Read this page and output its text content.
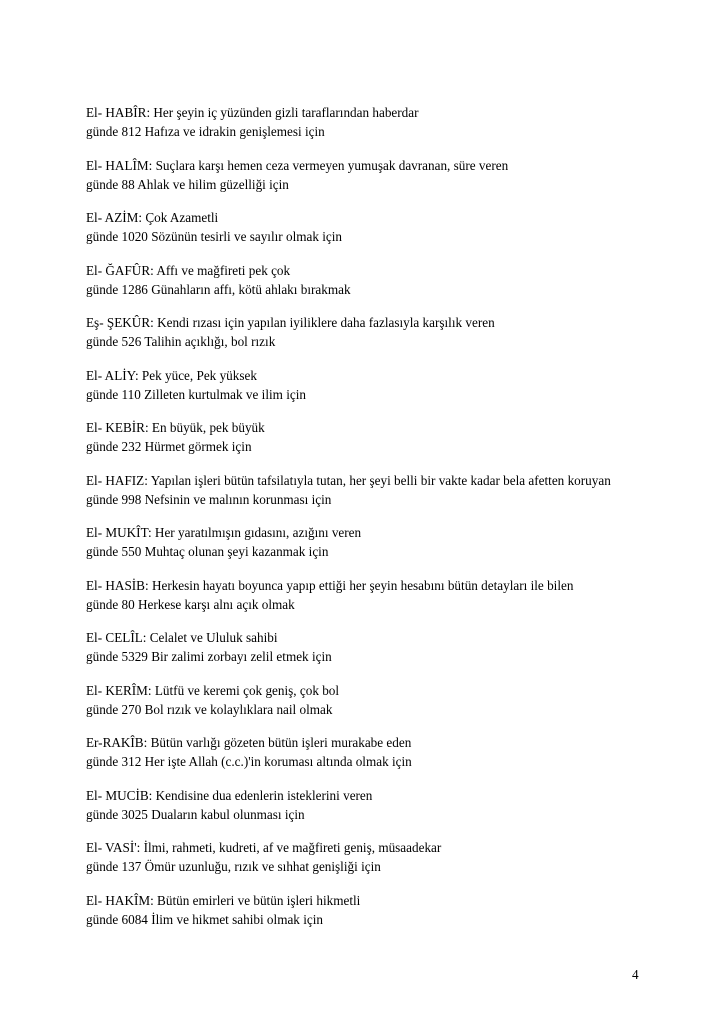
El- HABÎR: Her şeyin iç yüzünden gizli taraflarından haberdar

günde 812 Hafıza ve idrakin genişlemesi için

El- HALÎM: Suçlara karşı hemen ceza vermeyen yumuşak davranan, süre veren

günde 88 Ahlak ve hilim güzelliği için

El- AZİM: Çok Azametli

günde 1020 Sözünün tesirli ve sayılır olmak için

El- ĞAFÛR: Affı ve mağfireti pek çok

günde 1286 Günahların affı, kötü ahlakı bırakmak

Eş- ŞEKÛR: Kendi rızası için yapılan iyiliklere daha fazlasıyla karşılık veren

günde 526 Talihin açıklığı, bol rızık

El- ALİY: Pek yüce, Pek yüksek

günde 110 Zilleten kurtulmak ve ilim için

El- KEBİR: En büyük, pek büyük

günde 232 Hürmet görmek için

El- HAFIZ: Yapılan işleri bütün tafsilatıyla tutan, her şeyi belli bir vakte kadar bela afetten koruyan

günde 998 Nefsinin ve malının korunması için

El- MUKÎT: Her yaratılmışın gıdasını, azığını veren

günde 550 Muhtaç olunan şeyi kazanmak için

El- HASİB: Herkesin hayatı boyunca yapıp ettiği her şeyin hesabını bütün detayları ile bilen

günde 80 Herkese karşı alnı açık olmak

El- CELÎL: Celalet ve Ululuk sahibi

günde 5329 Bir zalimi zorbayı zelil etmek için

El- KERÎM: Lütfü ve keremi çok geniş, çok bol

günde 270 Bol rızık ve kolaylıklara nail olmak

Er-RAKÎB: Bütün varlığı gözeten bütün işleri murakabe eden

günde 312 Her işte Allah (c.c.)'in koruması altında olmak için

El- MUCİB: Kendisine dua edenlerin isteklerini veren

günde 3025 Duaların kabul olunması için

El- VASİ': İlmi, rahmeti, kudreti, af ve mağfireti geniş, müsaadekar

günde 137 Ömür uzunluğu, rızık ve sıhhat genişliği için

El- HAKÎM: Bütün emirleri ve bütün işleri hikmetli

günde 6084 İlim ve hikmet sahibi olmak için

4
